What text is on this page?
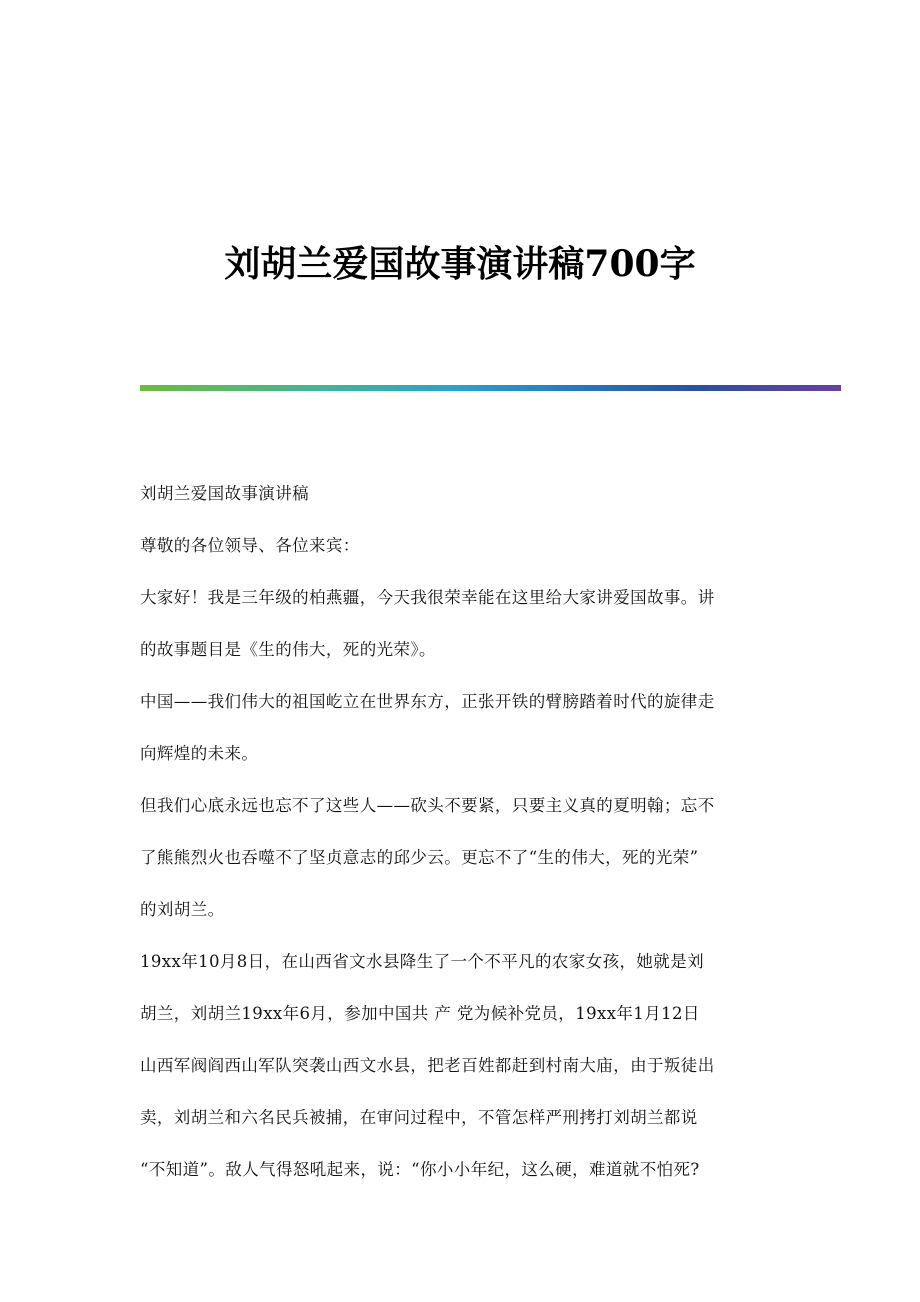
刘胡兰爱国故事演讲稿700字

刘胡兰爱国故事演讲稿

尊敬的各位领导、各位来宾：

大家好！我是三年级的柏燕疆，今天我很荣幸能在这里给大家讲爱国故事。讲
的故事题目是《生的伟大，死的光荣》。

中国——我们伟大的祖国屹立在世界东方，正张开铁的臂膀踏着时代的旋律走
向辉煌的未来。

但我们心底永远也忘不了这些人——砍头不要紧，只要主义真的夏明翰；忘不
了熊熊烈火也吞噬不了坚贞意志的邱少云。更忘不了“生的伟大，死的光荣”
的刘胡兰。

19xx年10月8日，在山西省文水县降生了一个不平凡的农家女孩，她就是刘
胡兰，刘胡兰19xx年6月，参加中国共 产 党为候补党员，19xx年1月12日
山西军阀阎西山军队突袭山西文水县，把老百姓都赶到村南大庙，由于叛徒出
卖，刘胡兰和六名民兵被捕，在审问过程中，不管怎样严刑拷打刘胡兰都说
“不知道”。敌人气得怒吼起来，说：“你小小年纪，这么硬，难道就不怕死?
